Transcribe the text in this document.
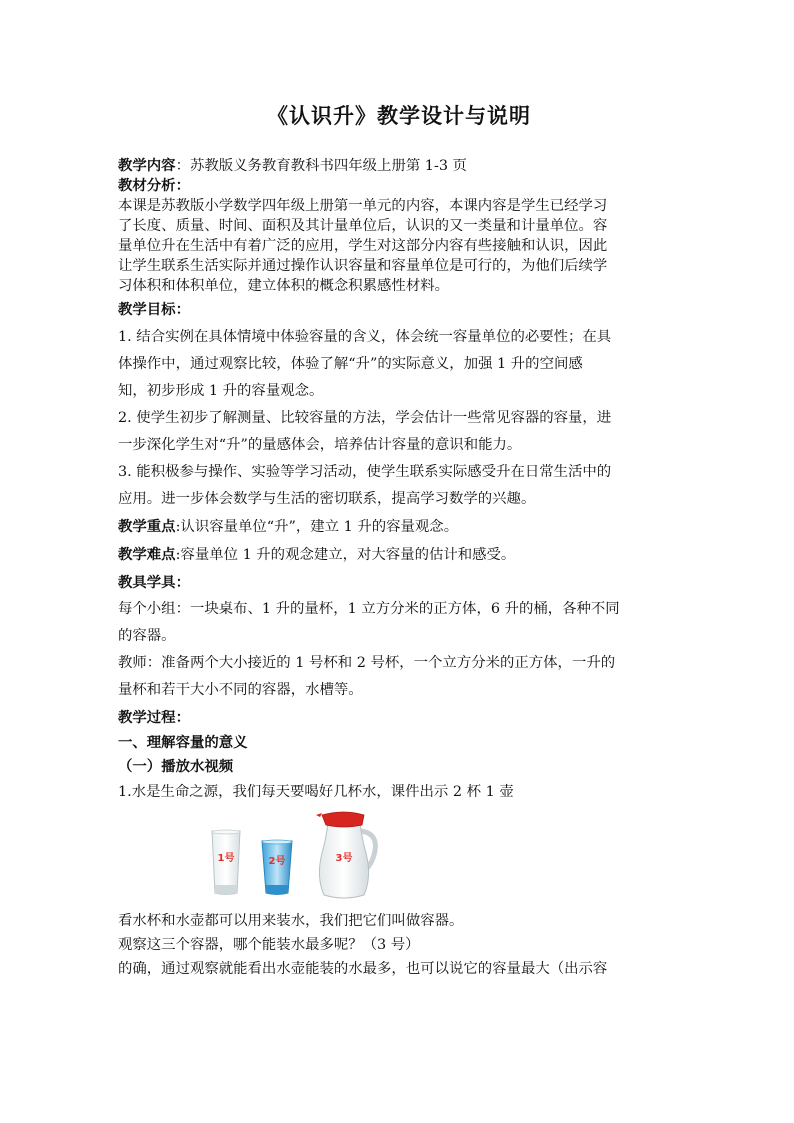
《认识升》教学设计与说明

教学内容：苏教版义务教育教科书四年级上册第 1-3 页

教材分析：

本课是苏教版小学数学四年级上册第一单元的内容，本课内容是学生已经学习

了长度、质量、时间、面积及其计量单位后，认识的又一类量和计量单位。容

量单位升在生活中有着广泛的应用，学生对这部分内容有些接触和认识，因此

让学生联系生活实际并通过操作认识容量和容量单位是可行的，为他们后续学

习体积和体积单位，建立体积的概念积累感性材料。

教学目标：

1. 结合实例在具体情境中体验容量的含义，体会统一容量单位的必要性；在具

体操作中，通过观察比较，体验了解“升”的实际意义，加强 1 升的空间感

知，初步形成 1 升的容量观念。

2. 使学生初步了解测量、比较容量的方法，学会估计一些常见容器的容量，进

一步深化学生对“升”的量感体会，培养估计容量的意识和能力。

3. 能积极参与操作、实验等学习活动，使学生联系实际感受升在日常生活中的

应用。进一步体会数学与生活的密切联系，提高学习数学的兴趣。

教学重点:认识容量单位“升”，建立 1 升的容量观念。

教学难点:容量单位 1 升的观念建立，对大容量的估计和感受。

教具学具：

每个小组：一块桌布、1 升的量杯，1 立方分米的正方体，6 升的桶，各种不同

的容器。

教师：准备两个大小接近的 1 号杯和 2 号杯，一个立方分米的正方体，一升的

量杯和若干大小不同的容器，水槽等。

教学过程：

一、理解容量的意义

（一）播放水视频

1.水是生命之源，我们每天要喝好几杯水，课件出示 2 杯 1 壶

1号	2号	3号

看水杯和水壶都可以用来装水，我们把它们叫做容器。

观察这三个容器，哪个能装水最多呢？（3 号）

的确，通过观察就能看出水壶能装的水最多，也可以说它的容量最大（出示容
